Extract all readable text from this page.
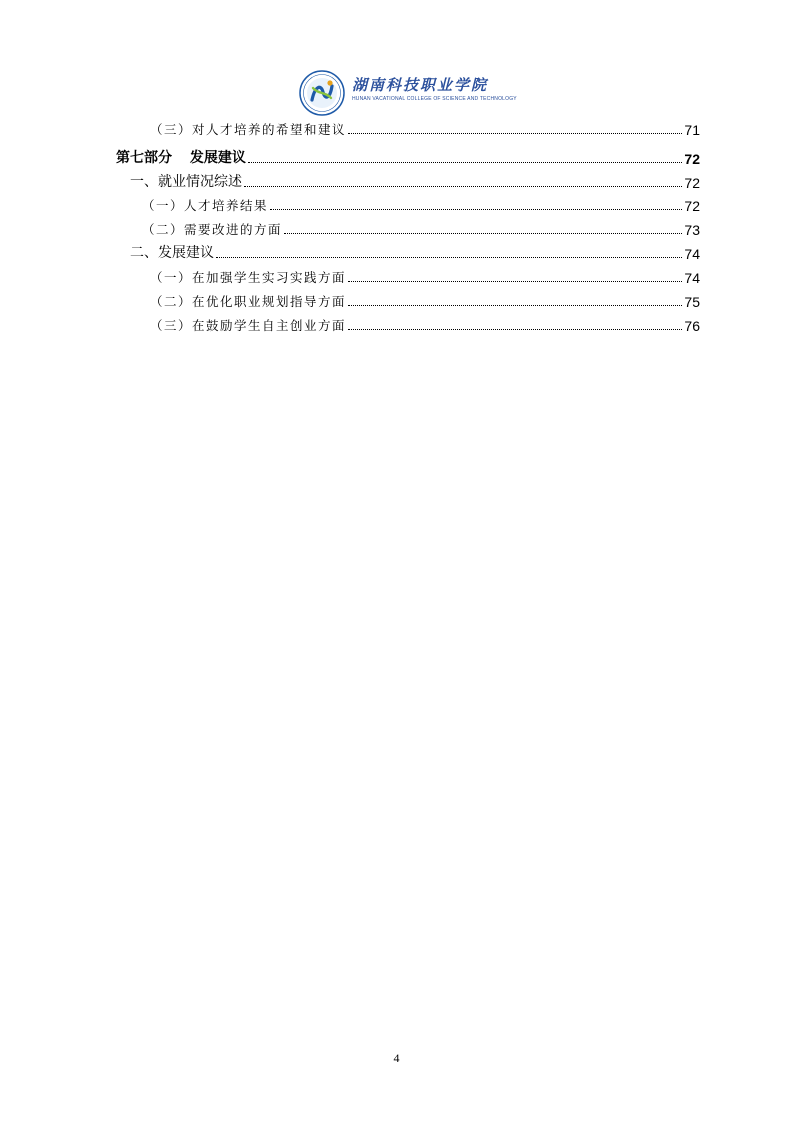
湖南科技职业学院
HUNAN VACATIONAL COLLEGE OF SCIENCE AND TECHNOLOGY
（三）对人才培养的希望和建议	71
第七部分　 发展建议	72
一、就业情况综述	72
（一）人才培养结果	72
（二）需要改进的方面	73
二、发展建议	74
（一）在加强学生实习实践方面	74
（二）在优化职业规划指导方面	75
（三）在鼓励学生自主创业方面	76
4
